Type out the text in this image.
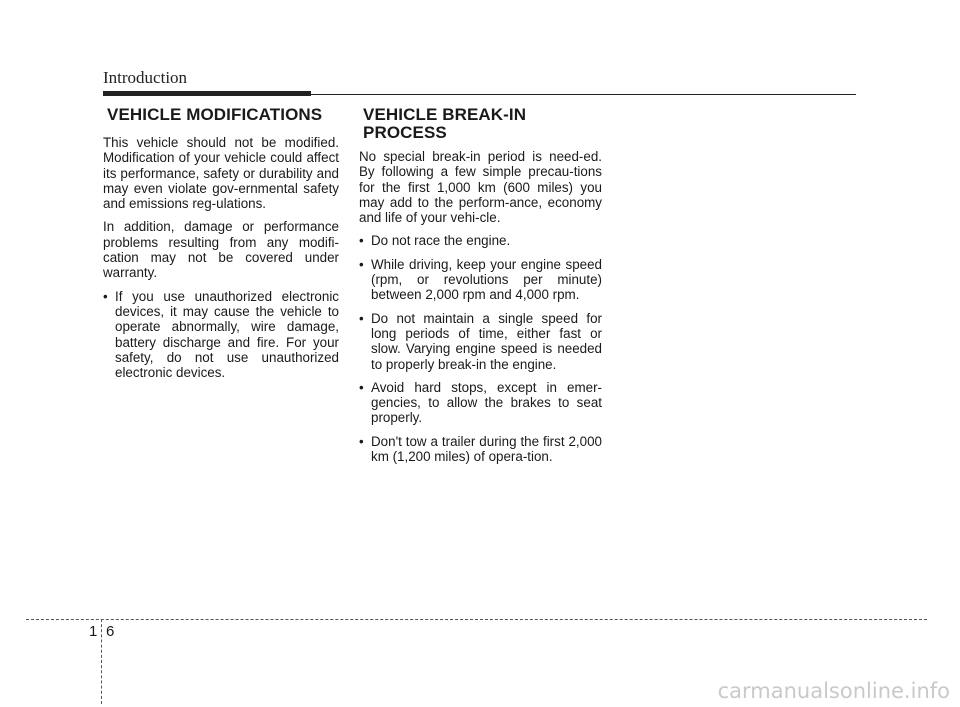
Introduction
VEHICLE MODIFICATIONS

This vehicle should not be modified. Modification of your vehicle could affect its performance, safety or durability and may even violate gov-ernmental safety and emissions reg-ulations.

In addition, damage or performance problems resulting from any modifi-cation may not be covered under warranty.

• If you use unauthorized electronic devices, it may cause the vehicle to operate abnormally, wire damage, battery discharge and fire. For your safety, do not use unauthorized electronic devices.
VEHICLE BREAK-IN
PROCESS

No special break-in period is need-ed. By following a few simple precau-tions for the first 1,000 km (600 miles) you may add to the perform-ance, economy and life of your vehi-cle.

• Do not race the engine.
• While driving, keep your engine speed (rpm, or revolutions per minute) between 2,000 rpm and 4,000 rpm.
• Do not maintain a single speed for long periods of time, either fast or slow. Varying engine speed is needed to properly break-in the engine.
• Avoid hard stops, except in emer-gencies, to allow the brakes to seat properly.
• Don't tow a trailer during the first 2,000 km (1,200 miles) of opera-tion.
1 6
carmanualsonline.info
